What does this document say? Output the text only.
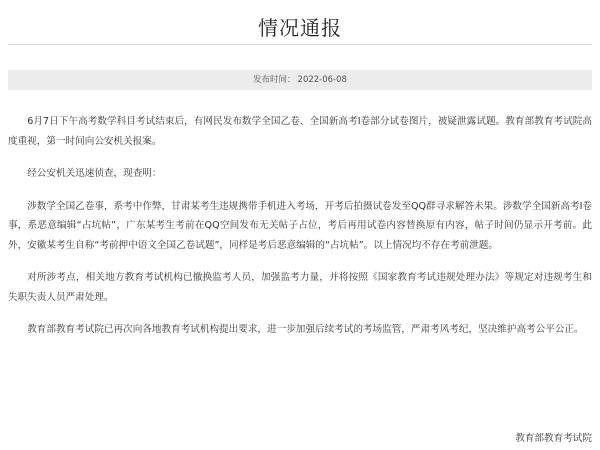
情况通报
发布时间： 2022-06-08

6月7日下午高考数学科目考试结束后，有网民发布数学全国乙卷、全国新高考I卷部分试卷图片，被疑泄露试题。教育部教育考试院高度重视，第一时间向公安机关报案。

经公安机关迅速侦查，现查明：

涉数学全国乙卷事，系考中作弊，甘肃某考生违规携带手机进入考场，开考后拍摄试卷发至QQ群寻求解答未果。涉数学全国新高考I卷事，系恶意编辑“占坑帖”，广东某考生考前在QQ空间发布无关帖子占位，考后再用试卷内容替换原有内容，帖子时间仍显示开考前。此外，安徽某考生自称“考前押中语文全国乙卷试题”，同样是考后恶意编辑的“占坑帖”。以上情况均不存在考前泄题。

对所涉考点，相关地方教育考试机构已撤换监考人员，加强监考力量，并将按照《国家教育考试违规处理办法》等规定对违规考生和失职失责人员严肃处理。

教育部教育考试院已再次向各地教育考试机构提出要求，进一步加强后续考试的考场监管，严肃考风考纪，坚决维护高考公平公正。

教育部教育考试院
